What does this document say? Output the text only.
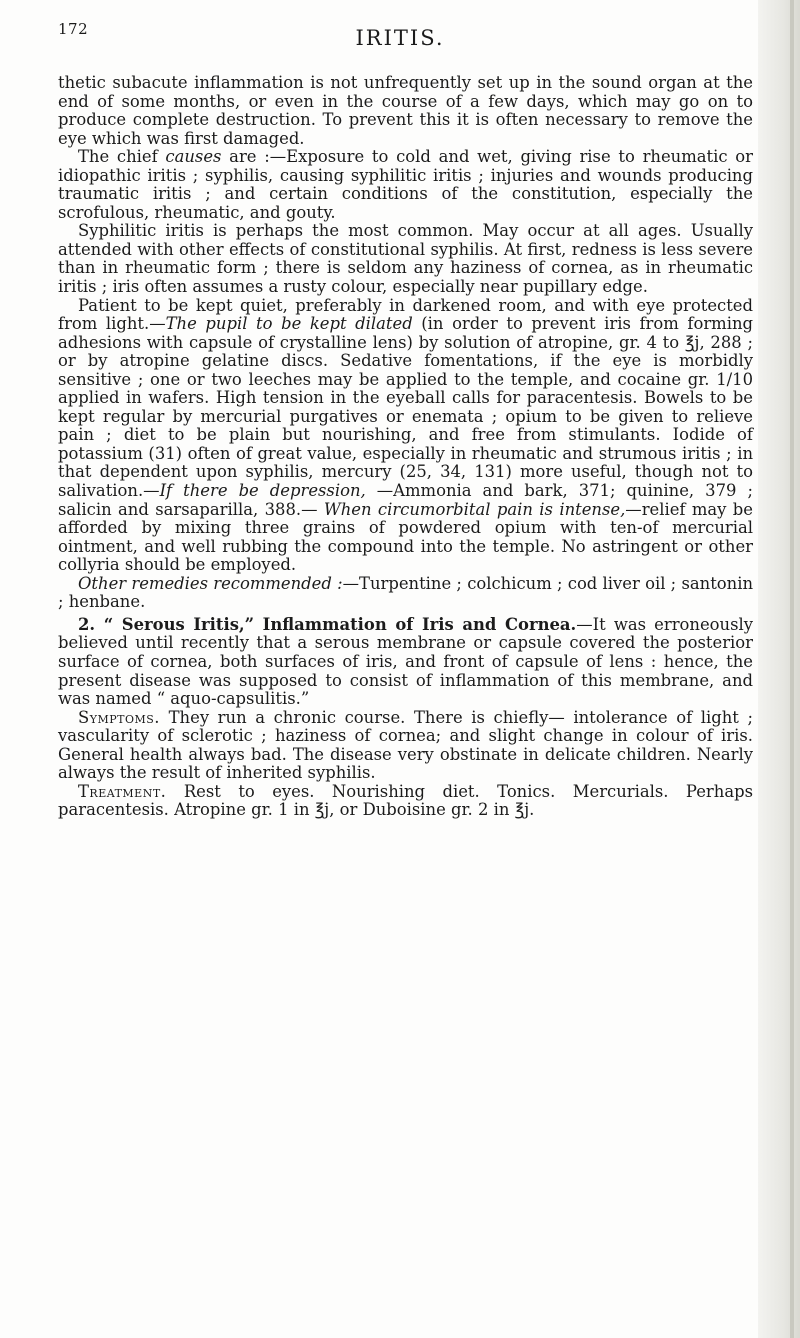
172	IRITIS.

thetic subacute inflammation is not unfrequently set up in the sound organ at the end of some months, or even in the course of a few days, which may go on to produce complete destruction. To prevent this it is often necessary to remove the eye which was first damaged.

The chief causes are :—Exposure to cold and wet, giving rise to rheumatic or idiopathic iritis ; syphilis, causing syphilitic iritis ; injuries and wounds producing traumatic iritis ; and certain conditions of the constitution, especially the scrofulous, rheumatic, and gouty.

Syphilitic iritis is perhaps the most common. May occur at all ages. Usually attended with other effects of constitutional syphilis. At first, redness is less severe than in rheumatic form ; there is seldom any haziness of cornea, as in rheumatic iritis ; iris often assumes a rusty colour, especially near pupillary edge.

Patient to be kept quiet, preferably in darkened room, and with eye protected from light.—The pupil to be kept dilated (in order to prevent iris from forming adhesions with capsule of crystalline lens) by solution of atropine, gr. 4 to ℥j, 288 ; or by atropine gelatine discs. Sedative fomentations, if the eye is morbidly sensitive ; one or two leeches may be applied to the temple, and cocaine gr. 1/10 applied in wafers. High tension in the eyeball calls for paracentesis. Bowels to be kept regular by mercurial purgatives or enemata ; opium to be given to relieve pain ; diet to be plain but nourishing, and free from stimulants. Iodide of potassium (31) often of great value, especially in rheumatic and strumous iritis ; in that dependent upon syphilis, mercury (25, 34, 131) more useful, though not to salivation.—If there be depression, —Ammonia and bark, 371; quinine, 379 ; salicin and sarsaparilla, 388.— When circumorbital pain is intense,—relief may be afforded by mixing three grains of powdered opium with ten-of mercurial ointment, and well rubbing the compound into the temple. No astringent or other collyria should be employed.

Other remedies recommended :—Turpentine ; colchicum ; cod liver oil ; santonin ; henbane.

2. “ Serous Iritis,” Inflammation of Iris and Cornea.—It was erroneously believed until recently that a serous membrane or capsule covered the posterior surface of cornea, both surfaces of iris, and front of capsule of lens : hence, the present disease was supposed to consist of inflammation of this membrane, and was named “ aquo-capsulitis.”

Symptoms. They run a chronic course. There is chiefly— intolerance of light ; vascularity of sclerotic ; haziness of cornea; and slight change in colour of iris. General health always bad. The disease very obstinate in delicate children. Nearly always the result of inherited syphilis.

Treatment. Rest to eyes. Nourishing diet. Tonics. Mercurials. Perhaps paracentesis. Atropine gr. 1 in ℥j, or Duboisine gr. 2 in ℥j.
